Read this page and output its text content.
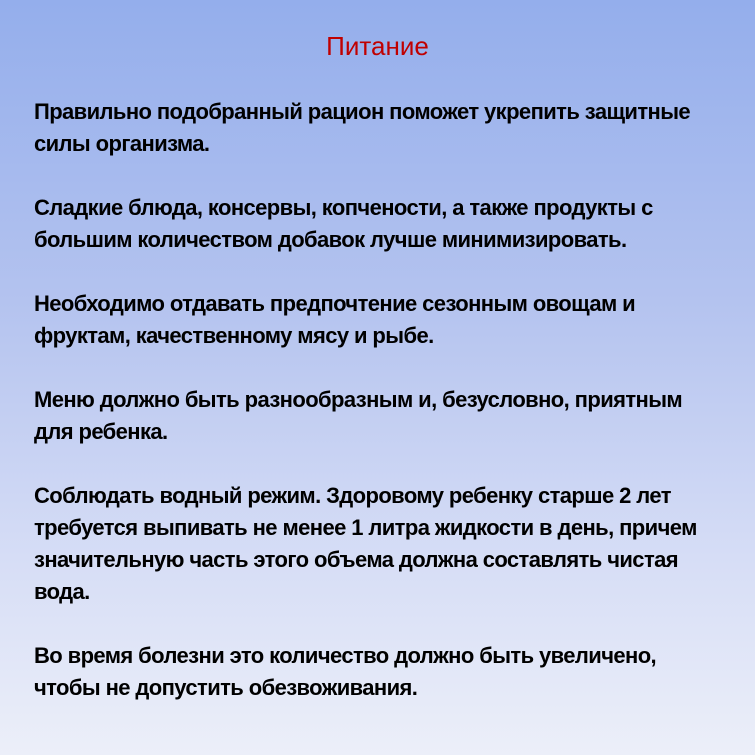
Питание

Правильно подобранный рацион поможет укрепить защитные силы организма.

Сладкие блюда, консервы, копчености, а также продукты с большим количеством добавок лучше минимизировать.

Необходимо отдавать предпочтение сезонным овощам и фруктам, качественному мясу и рыбе.

Меню должно быть разнообразным и, безусловно, приятным для ребенка.

Соблюдать водный режим. Здоровому ребенку старше 2 лет требуется выпивать не менее 1 литра жидкости в день, причем значительную часть этого объема должна составлять чистая вода.

Во время болезни это количество должно быть увеличено, чтобы не допустить обезвоживания.
